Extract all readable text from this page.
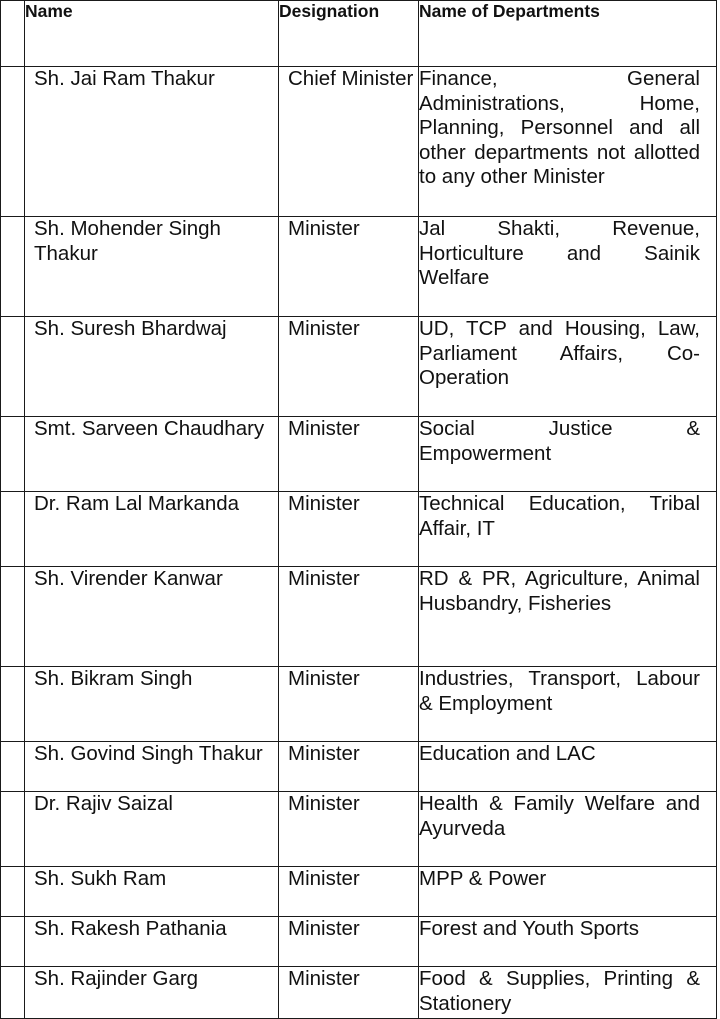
	Name	Designation	Name of Departments
	Sh. Jai Ram Thakur	Chief Minister	Finance, General Administrations, Home, Planning, Personnel and all other departments not allotted to any other Minister
	Sh. Mohender Singh Thakur	Minister	Jal Shakti, Revenue, Horticulture and Sainik Welfare
	Sh. Suresh Bhardwaj	Minister	UD, TCP and Housing, Law, Parliament Affairs, Co-Operation
	Smt. Sarveen Chaudhary	Minister	Social Justice & Empowerment
	Dr. Ram Lal Markanda	Minister	Technical Education, Tribal Affair, IT
	Sh. Virender Kanwar	Minister	RD & PR, Agriculture, Animal Husbandry, Fisheries
	Sh. Bikram Singh	Minister	Industries, Transport, Labour & Employment
	Sh. Govind Singh Thakur	Minister	Education and LAC
	Dr. Rajiv Saizal	Minister	Health & Family Welfare and Ayurveda
	Sh. Sukh Ram	Minister	MPP & Power
	Sh. Rakesh Pathania	Minister	Forest and Youth Sports
	Sh. Rajinder Garg	Minister	Food & Supplies, Printing & Stationery
